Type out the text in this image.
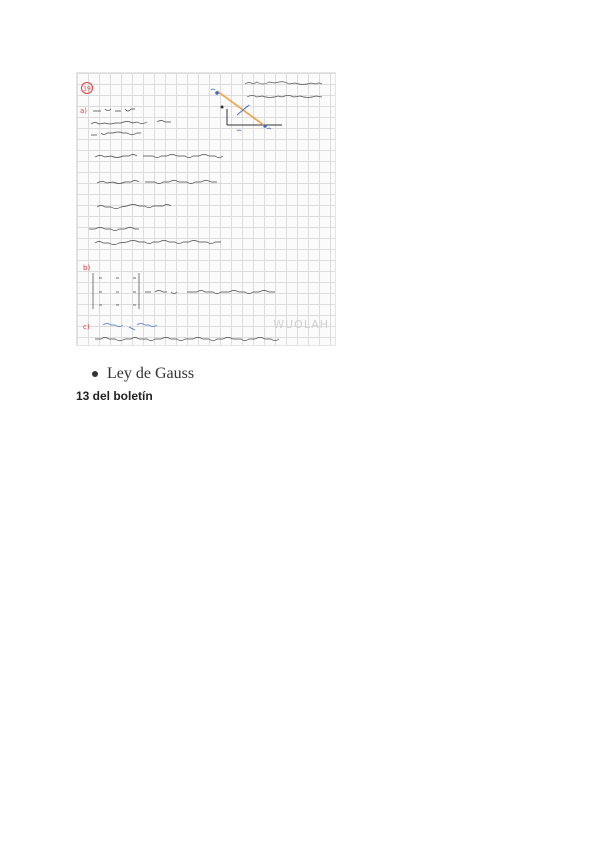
19
a)
b)
c)	WUOLAH
Ley de Gauss
13 del boletín
